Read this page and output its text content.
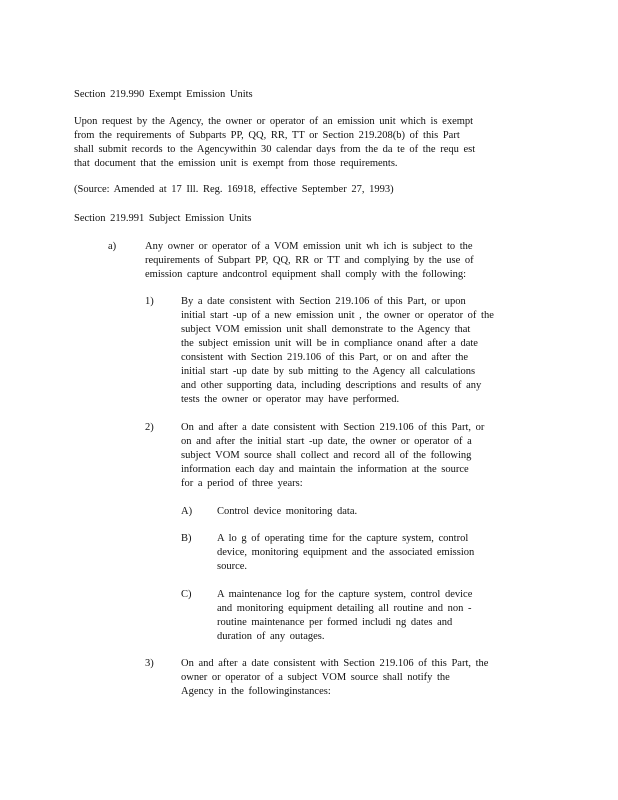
Section 219.990 Exempt Emission Units
Upon request by the Agency, the owner or operator of an emission unit which is exempt
from the requirements of Subparts PP, QQ, RR, TT or Section 219.208(b) of this Part
shall submit records to the Agencywithin 30 calendar days from the da te of the requ est
that document that the emission unit is exempt from those requirements.
(Source: Amended at 17 Ill. Reg. 16918, effective September 27, 1993)
Section 219.991 Subject Emission Units
a)	Any owner or operator of a VOM emission unit wh ich is subject to the
requirements of Subpart PP, QQ, RR or TT and complying by the use of
emission capture andcontrol equipment shall comply with the following:
1)	By a date consistent with Section 219.106 of this Part, or upon
initial start -up of a new emission unit , the owner or operator of the
subject VOM emission unit shall demonstrate to the Agency that
the subject emission unit will be in compliance onand after a date
consistent with Section 219.106 of this Part, or on and after the
initial start -up date by sub mitting to the Agency all calculations
and other supporting data, including descriptions and results of any
tests the owner or operator may have performed.
2)	On and after a date consistent with Section 219.106 of this Part, or
on and after the initial start -up date, the owner or operator of a
subject VOM source shall collect and record all of the following
information each day and maintain the information at the source
for a period of three years:
A) Control device monitoring data.
B) A lo g of operating time for the capture system, control
device, monitoring equipment and the associated emission
source.
C) A maintenance log for the capture system, control device
and monitoring equipment detailing all routine and non -
routine maintenance per formed includi ng dates and
duration of any outages.
3)	On and after a date consistent with Section 219.106 of this Part, the
owner or operator of a subject VOM source shall notify the
Agency in the followinginstances:
